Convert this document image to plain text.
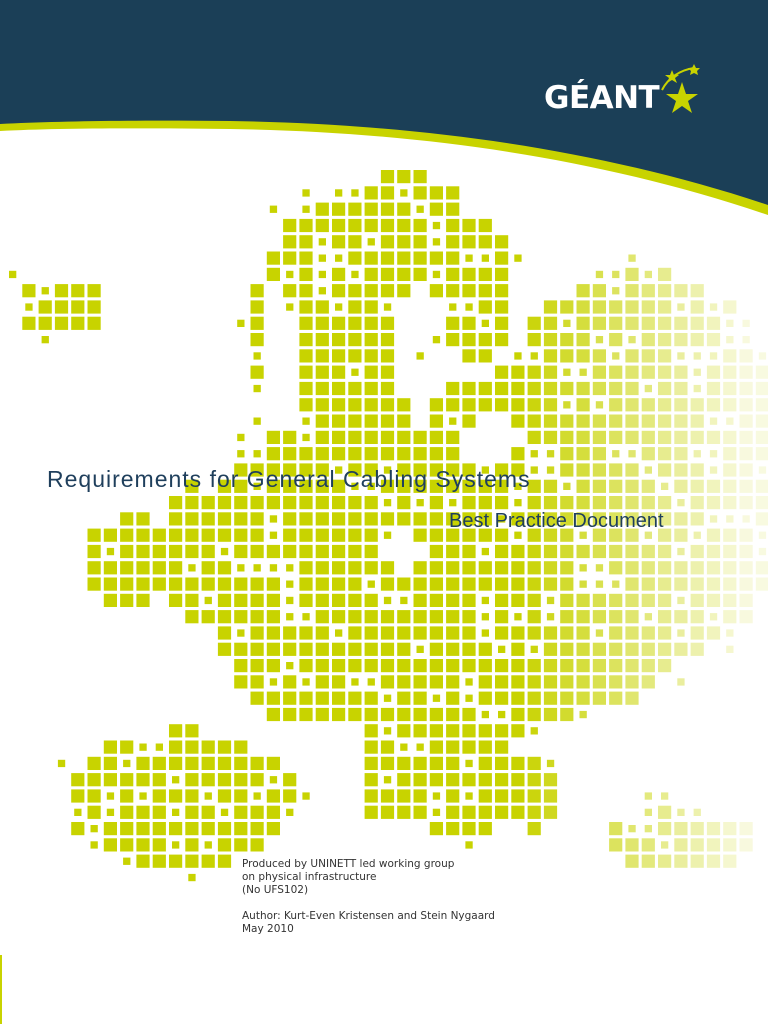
GÉANT
Requirements for General Cabling Systems
Best Practice Document
Produced by UNINETT led working group
on physical infrastructure
(No UFS102)
Author: Kurt-Even Kristensen and Stein Nygaard
May 2010
